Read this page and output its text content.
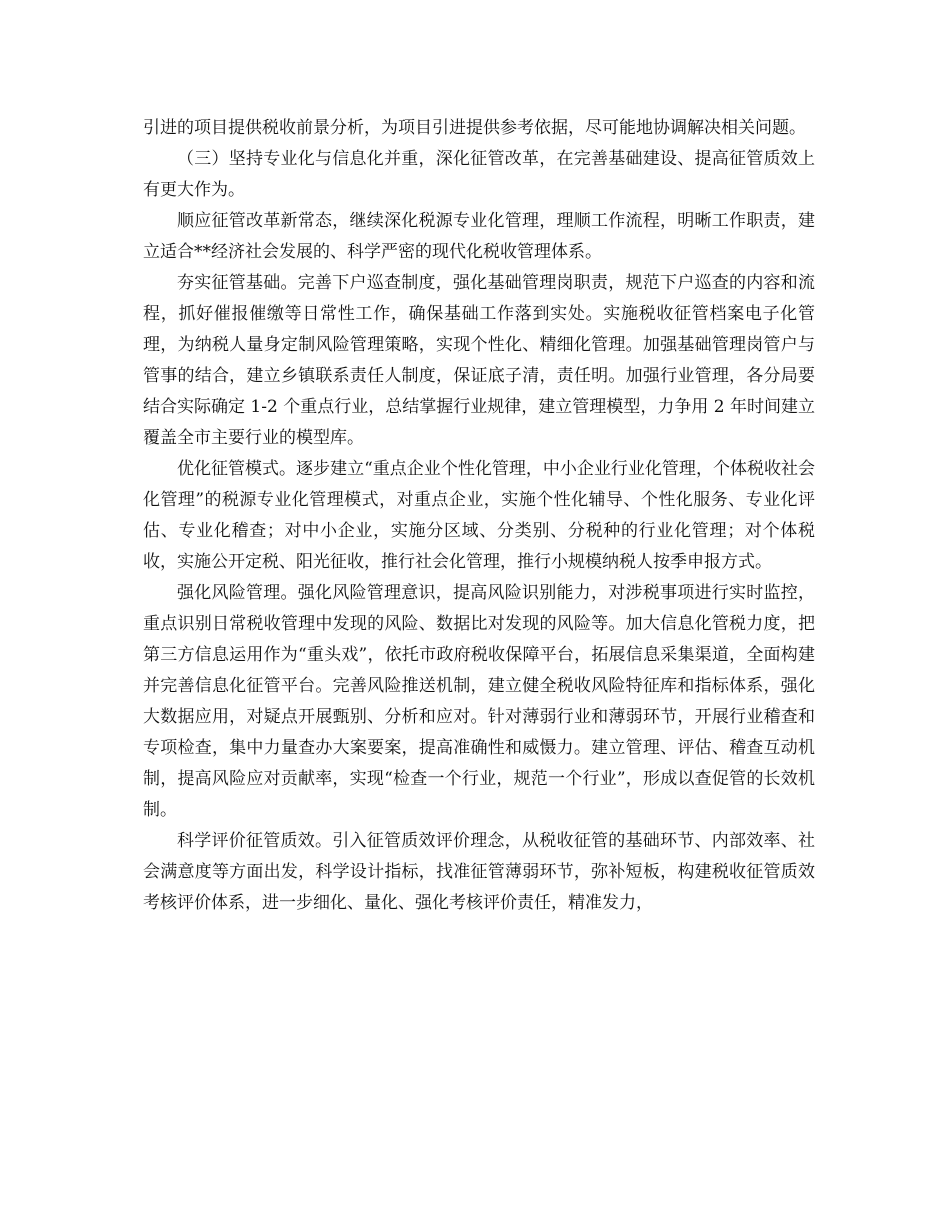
引进的项目提供税收前景分析，为项目引进提供参考依据，尽可能地协调解决相关问题。

（三）坚持专业化与信息化并重，深化征管改革，在完善基础建设、提高征管质效上有更大作为。

顺应征管改革新常态，继续深化税源专业化管理，理顺工作流程，明晰工作职责，建立适合**经济社会发展的、科学严密的现代化税收管理体系。

夯实征管基础。完善下户巡查制度，强化基础管理岗职责，规范下户巡查的内容和流程，抓好催报催缴等日常性工作，确保基础工作落到实处。实施税收征管档案电子化管理，为纳税人量身定制风险管理策略，实现个性化、精细化管理。加强基础管理岗管户与管事的结合，建立乡镇联系责任人制度，保证底子清，责任明。加强行业管理，各分局要结合实际确定 1-2 个重点行业，总结掌握行业规律，建立管理模型，力争用 2 年时间建立覆盖全市主要行业的模型库。

优化征管模式。逐步建立“重点企业个性化管理，中小企业行业化管理，个体税收社会化管理”的税源专业化管理模式，对重点企业，实施个性化辅导、个性化服务、专业化评估、专业化稽查；对中小企业，实施分区域、分类别、分税种的行业化管理；对个体税收，实施公开定税、阳光征收，推行社会化管理，推行小规模纳税人按季申报方式。

强化风险管理。强化风险管理意识，提高风险识别能力，对涉税事项进行实时监控，重点识别日常税收管理中发现的风险、数据比对发现的风险等。加大信息化管税力度，把第三方信息运用作为“重头戏”，依托市政府税收保障平台，拓展信息采集渠道，全面构建并完善信息化征管平台。完善风险推送机制，建立健全税收风险特征库和指标体系，强化大数据应用，对疑点开展甄别、分析和应对。针对薄弱行业和薄弱环节，开展行业稽查和专项检查，集中力量查办大案要案，提高准确性和威慑力。建立管理、评估、稽查互动机制，提高风险应对贡献率，实现“检查一个行业，规范一个行业”，形成以查促管的长效机制。

科学评价征管质效。引入征管质效评价理念，从税收征管的基础环节、内部效率、社会满意度等方面出发，科学设计指标，找准征管薄弱环节，弥补短板，构建税收征管质效考核评价体系，进一步细化、量化、强化考核评价责任，精准发力，
